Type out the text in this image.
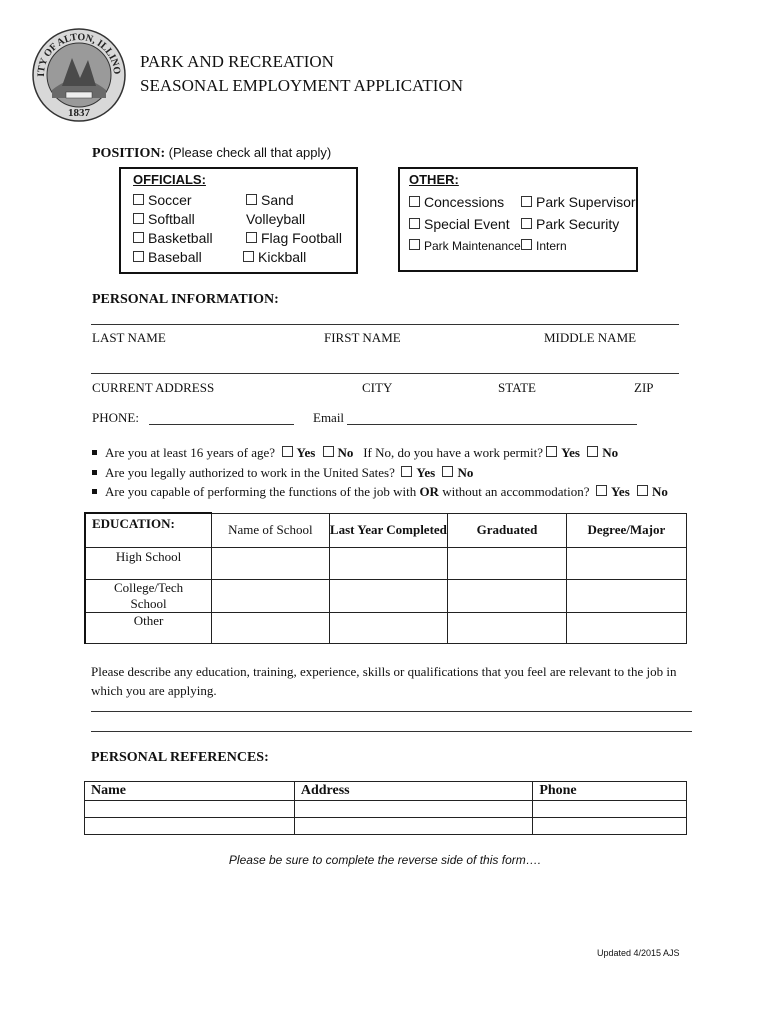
ITY OF ALTON, ILLINO
1837
PARK AND RECREATION
SEASONAL EMPLOYMENT APPLICATION
POSITION: (Please check all that apply)
OFFICIALS:
Soccer
Softball
Basketball
Baseball
Sand Volleyball
Flag Football
Kickball
OTHER:
Concessions
Special Event
Park Maintenance
Park Supervisor
Park Security
Intern
PERSONAL INFORMATION:
LAST NAME	FIRST NAME	MIDDLE NAME
CURRENT ADDRESS	CITY	STATE	ZIP
PHONE:	Email
Are you at least 16 years of age? Yes No If No, do you have a work permit? Yes No
Are you legally authorized to work in the United Sates? Yes No
Are you capable of performing the functions of the job with OR without an accommodation? Yes No
EDUCATION:	Name of School	Last Year Completed	Graduated	Degree/Major
High School				
College/Tech School				
Other				
Please describe any education, training, experience, skills or qualifications that you feel are relevant to the job in which you are applying.
PERSONAL REFERENCES:
Name	Address	Phone

Please be sure to complete the reverse side of this form….
Updated 4/2015 AJS
